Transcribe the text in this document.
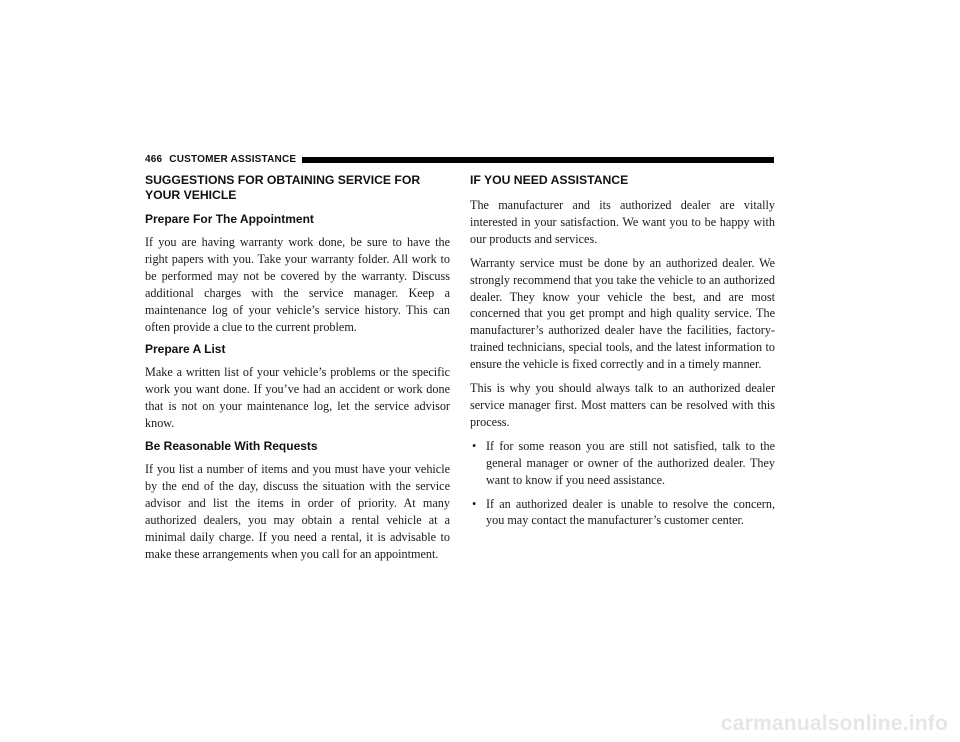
466 CUSTOMER ASSISTANCE
SUGGESTIONS FOR OBTAINING SERVICE FOR YOUR VEHICLE
Prepare For The Appointment

If you are having warranty work done, be sure to have the right papers with you. Take your warranty folder. All work to be performed may not be covered by the warranty. Discuss additional charges with the service manager. Keep a maintenance log of your vehicle’s service history. This can often provide a clue to the current problem.

Prepare A List

Make a written list of your vehicle’s problems or the specific work you want done. If you’ve had an accident or work done that is not on your maintenance log, let the service advisor know.

Be Reasonable With Requests

If you list a number of items and you must have your vehicle by the end of the day, discuss the situation with the service advisor and list the items in order of priority. At many authorized dealers, you may obtain a rental vehicle at a minimal daily charge. If you need a rental, it is advisable to make these arrangements when you call for an appointment.

IF YOU NEED ASSISTANCE

The manufacturer and its authorized dealer are vitally interested in your satisfaction. We want you to be happy with our products and services.

Warranty service must be done by an authorized dealer. We strongly recommend that you take the vehicle to an authorized dealer. They know your vehicle the best, and are most concerned that you get prompt and high quality service. The manufacturer’s authorized dealer have the facilities, factory-trained technicians, special tools, and the latest information to ensure the vehicle is fixed correctly and in a timely manner.

This is why you should always talk to an authorized dealer service manager first. Most matters can be resolved with this process.

• If for some reason you are still not satisfied, talk to the general manager or owner of the authorized dealer. They want to know if you need assistance.
• If an authorized dealer is unable to resolve the concern, you may contact the manufacturer’s customer center.
carmanualsonline.info
